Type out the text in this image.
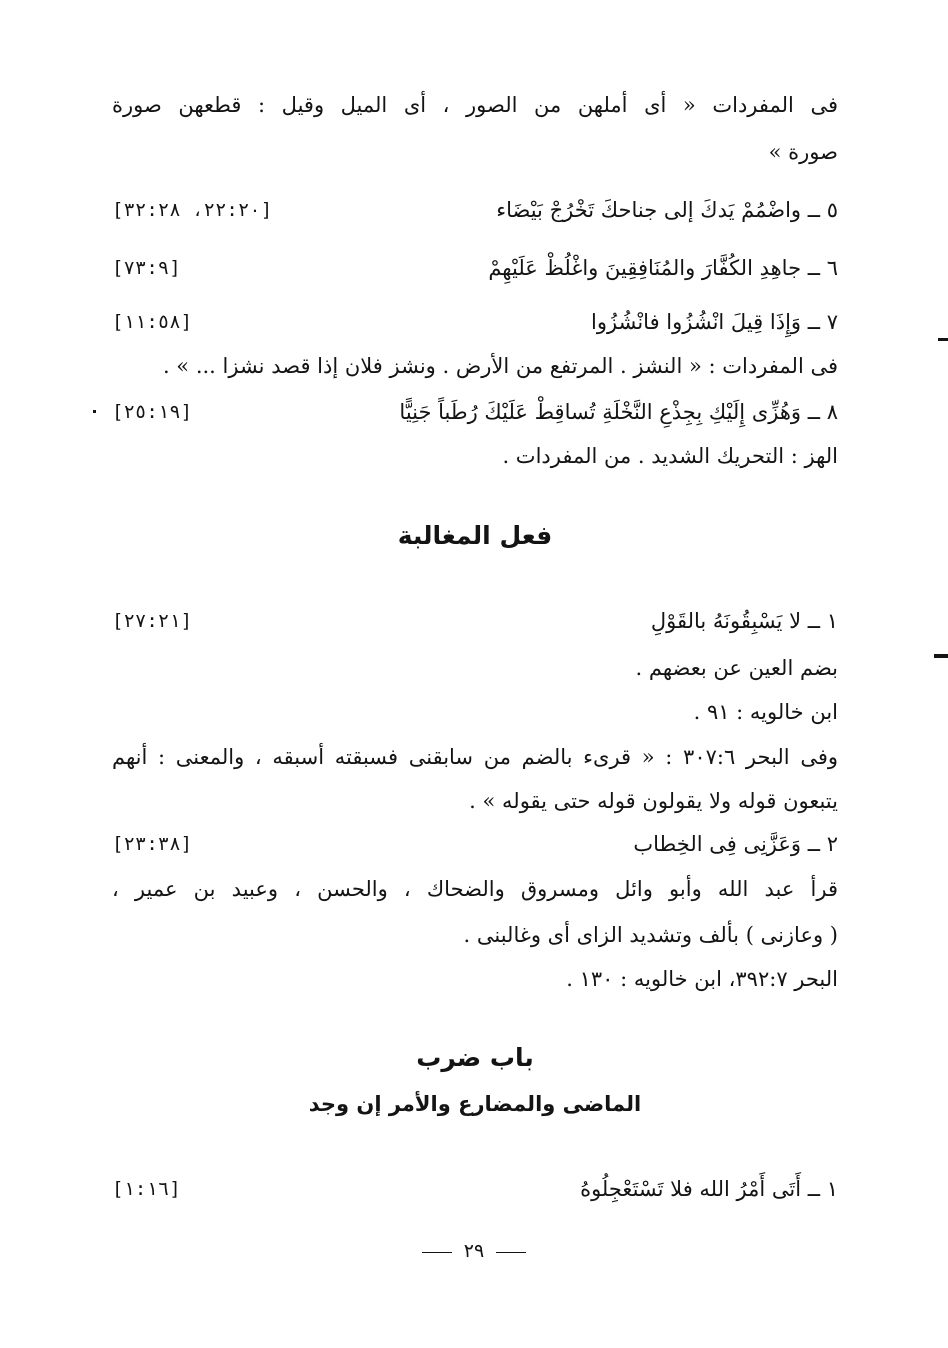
فى المفردات « أى أملهن من الصور ، أى الميل وقيل : قطعهن صورة
صورة »
٥ ــ واضْمُمْ يَدكَ إلى جناحكَ تَخْرُجْ بَيْضَاء
[٢٢:٢٠، ٣٢:٢٨]
٦ ــ جاهِدِ الكُفَّارَ والمُنَافِقِينَ واغْلُظْ عَلَيْهِمْ
[٧٣:٩]
٧ ــ وَإِذَا قِيلَ انْشُزُوا فانْشُزُوا
[١١:٥٨]
فى المفردات : « النشز . المرتفع من الأرض . ونشز فلان إذا قصد نشزا ... » .
٨ ــ وَهُزِّى إِلَيْكِ بِجِذْعِ النَّخْلَةِ تُساقِطْ عَلَيْكَ رُطَباً جَنِيًّا
[٢٥:١٩]
الهز : التحريك الشديد . من المفردات .
فعل المغالبة
١ ــ لا يَسْبِقُونَهُ بالقَوْلِ
[٢٧:٢١]
بضم العين عن بعضهم .
ابن خالويه : ٩١ .
وفى البحر ٣٠٧:٦ : « قرىء بالضم من سابقنى فسبقته أسبقه ، والمعنى : أنهم
يتبعون قوله ولا يقولون قوله حتى يقوله » .
٢ ــ وَعَزَّنِى فِى الخِطاب
[٢٣:٣٨]
قرأ عبد الله وأبو وائل ومسروق والضحاك ، والحسن ، وعبيد بن عمير ،
( وعازنى ) بألف وتشديد الزاى أى وغالبنى .
البحر ٣٩٢:٧، ابن خالويه : ١٣٠ .
باب ضرب
الماضى والمضارع والأمر إن وجد
١ ــ أَتَى أَمْرُ الله فلا تَسْتَعْجِلُوهُ
[١:١٦]
٢٩
